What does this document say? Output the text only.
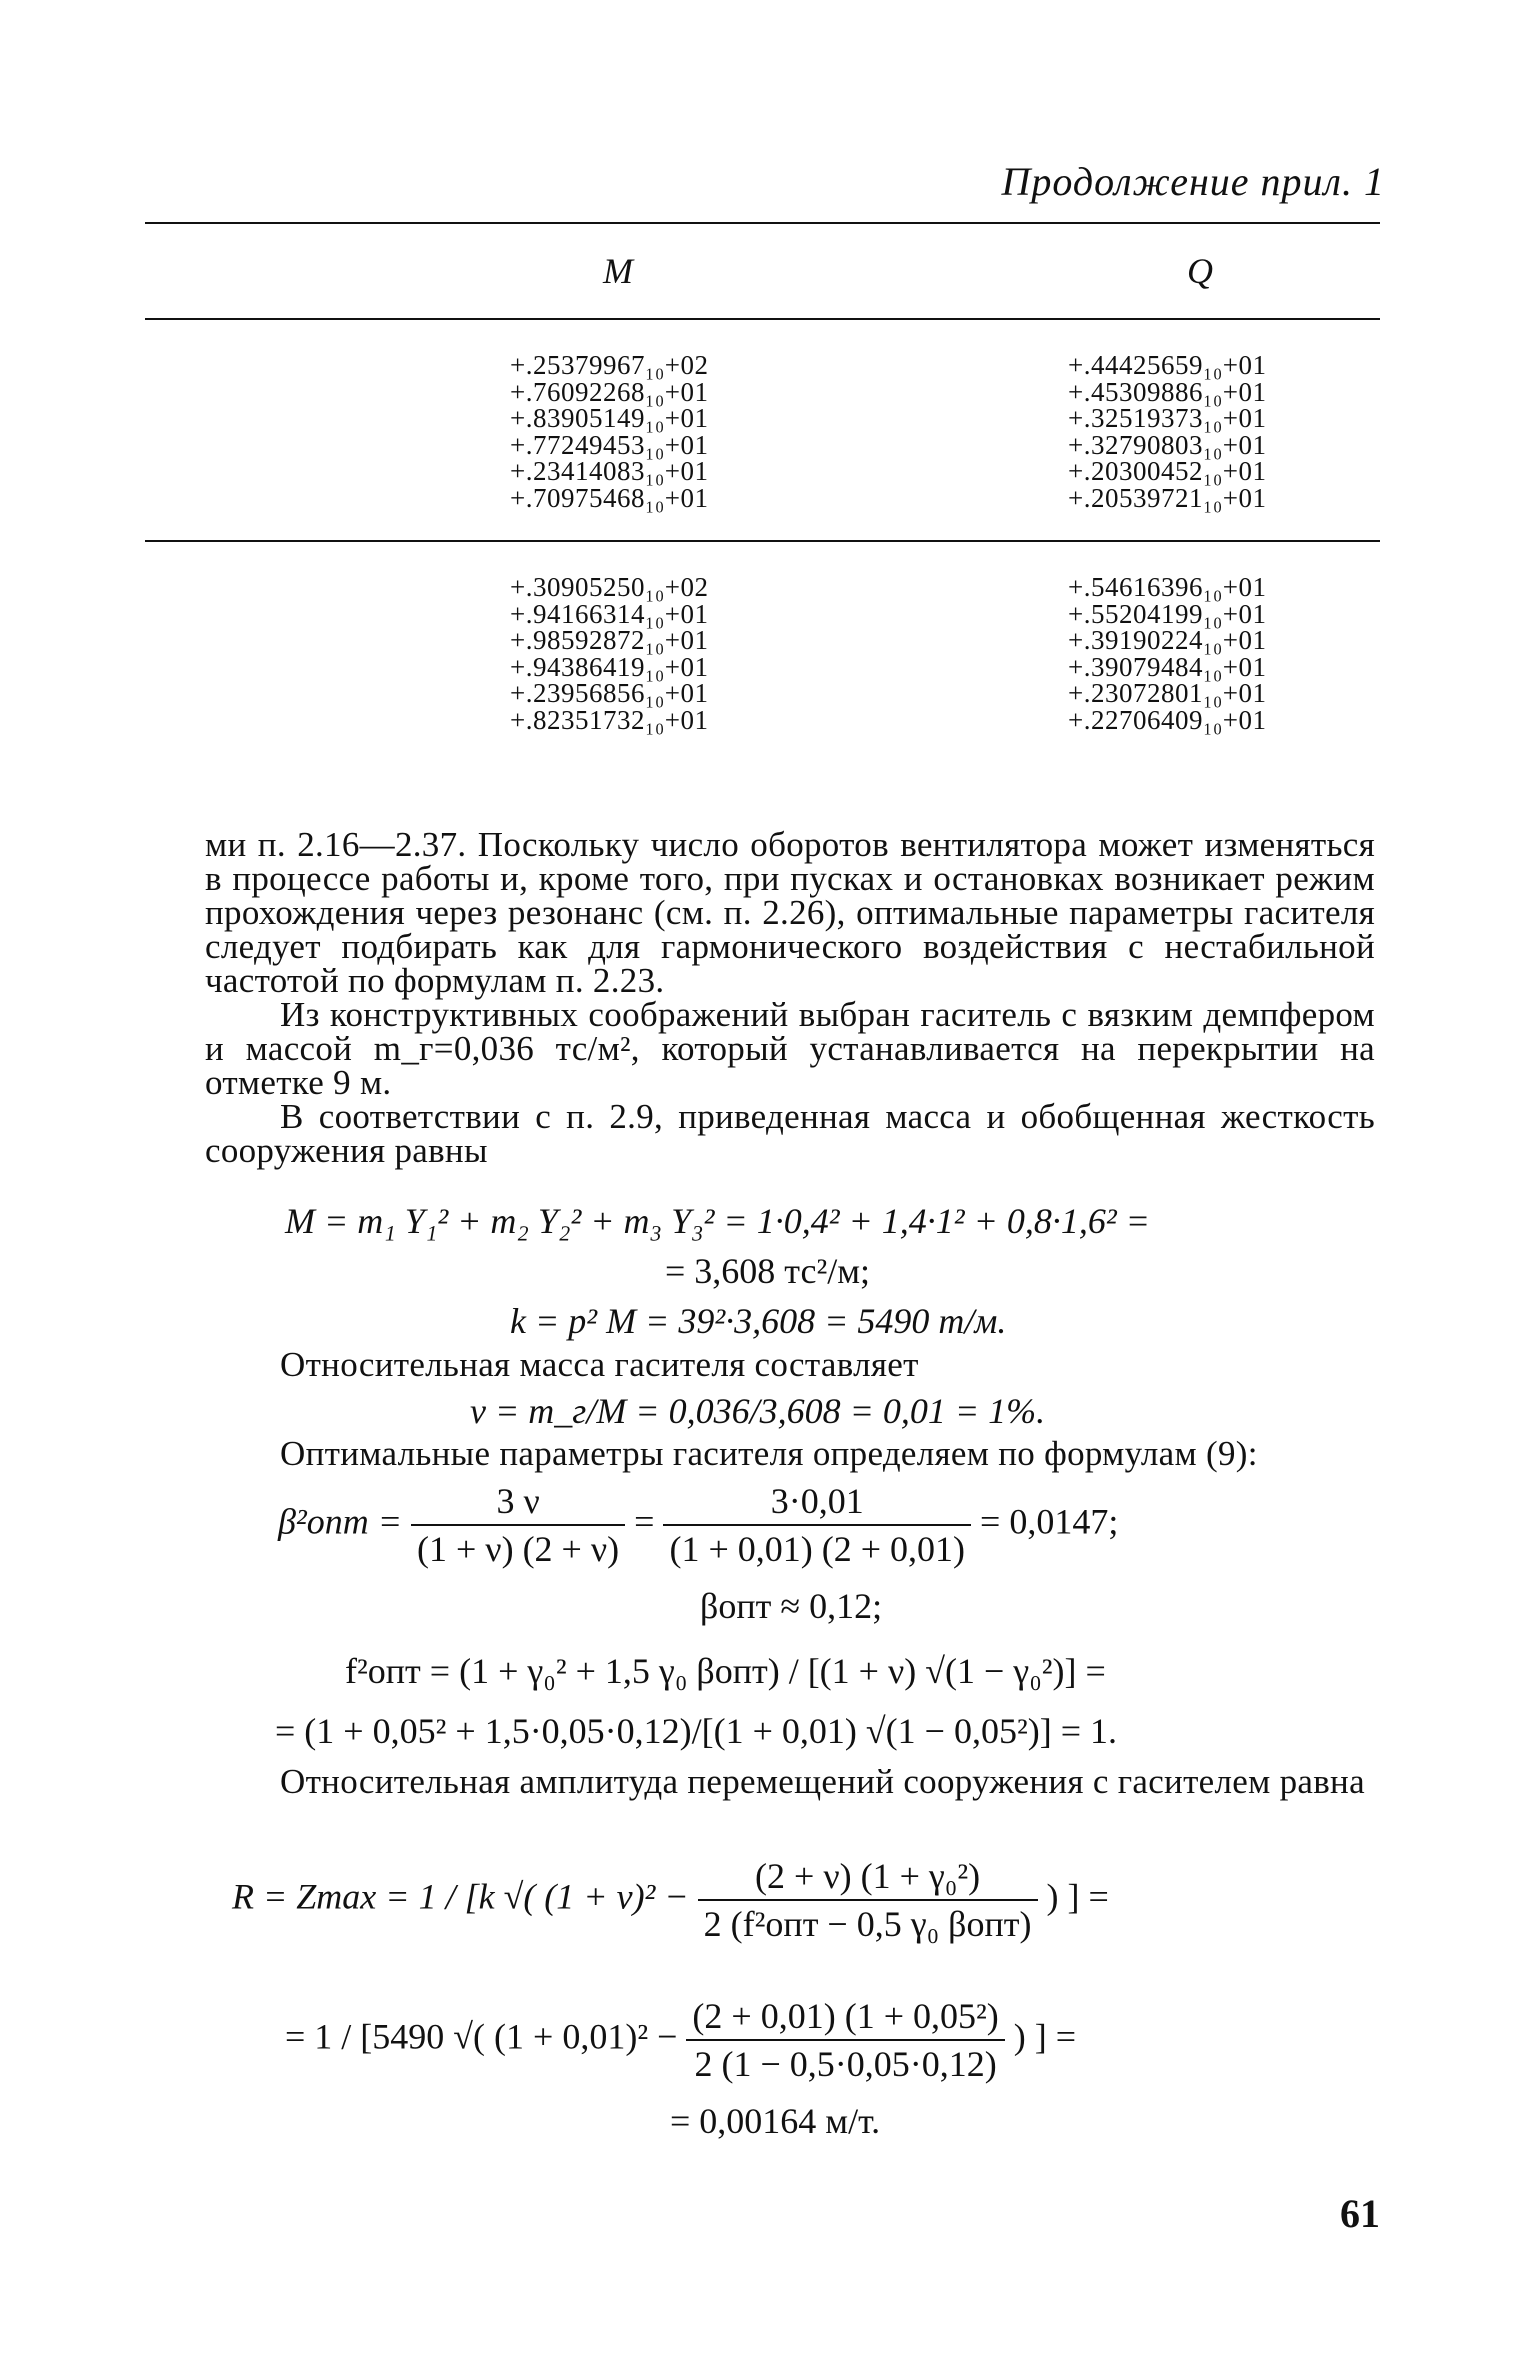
Продолжение прил. 1
M	Q
+.25379967₁₀+02
+.76092268₁₀+01
+.83905149₁₀+01
+.77249453₁₀+01
+.23414083₁₀+01
+.70975468₁₀+01
+.44425659₁₀+01
+.45309886₁₀+01
+.32519373₁₀+01
+.32790803₁₀+01
+.20300452₁₀+01
+.20539721₁₀+01
+.30905250₁₀+02
+.94166314₁₀+01
+.98592872₁₀+01
+.94386419₁₀+01
+.23956856₁₀+01
+.82351732₁₀+01
+.54616396₁₀+01
+.55204199₁₀+01
+.39190224₁₀+01
+.39079484₁₀+01
+.23072801₁₀+01
+.22706409₁₀+01

ми п. 2.16—2.37. Поскольку число оборотов вентилятора может изменяться в процессе работы и, кроме того, при пусках и остановках возникает режим прохождения через резонанс (см. п. 2.26), оптимальные параметры гасителя следует подбирать как для гармонического воздействия с нестабильной частотой по формулам п. 2.23.

Из конструктивных соображений выбран гаситель с вязким демпфером и массой m_г=0,036 тс/м², который устанавливается на перекрытии на отметке 9 м.

В соответствии с п. 2.9, приведенная масса и обобщенная жесткость сооружения равны

M = m₁ Y₁² + m₂ Y₂² + m₃ Y₃² = 1·0,4² + 1,4·1² + 0,8·1,6² =
= 3,608 тс²/м;
k = p² M = 39²·3,608 = 5490 т/м.
Относительная масса гасителя составляет
ν = m_г/M = 0,036/3,608 = 0,01 = 1%.
Оптимальные параметры гасителя определяем по формулам (9):
$\beta^2опт = \frac{3 \nu}{(1 + \nu) (2 + \nu)} = \frac{3\cdot 0,01}{(1 + 0,01) (2 + 0,01)} = 0,0147$;
βопт ≈ 0,12;
f²опт = (1 + γ₀² + 1,5 γ₀ βопт) / [(1 + ν) √(1 − γ₀²)] =
= (1 + 0,05² + 1,5·0,05·0,12)/[(1 + 0,01) √(1 − 0,05²)] = 1.
Относительная амплитуда перемещений сооружения с гасителем равна
R = Zmax = 1 / [k √( $(1 + \nu)^2 - \frac{\text{(2 + ν) (1 + γ₀²)}}{\text{2 (f²опт − 0,5 γ₀ βопт)}}$ ) ] =
= 1 / [5490 √( $(1 + 0,01)^2 - \frac{\text{(2 + 0,01) (1 + 0,05²)}}{2 (1 - 0,5\cdot 0,05\cdot 0,12)}$ ) ] =
= 0,00164 м/т.
61
